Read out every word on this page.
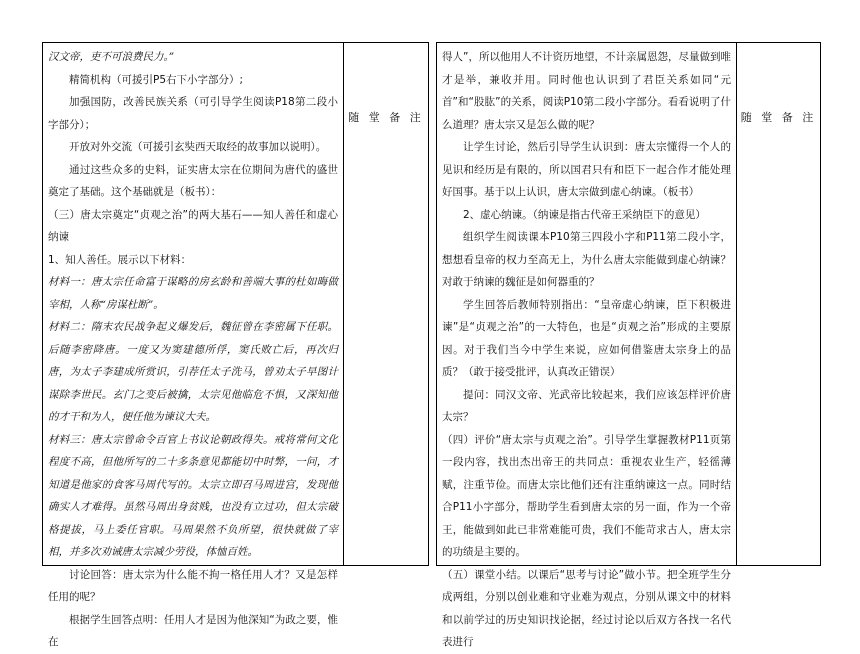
汉文帝，吏不可浪费民力。”

精简机构（可援引P5右下小字部分）;

加强国防，改善民族关系（可引导学生阅读P18第二段小字部分）；

开放对外交流（可援引玄奘西天取经的故事加以说明）。

通过这些众多的史料，证实唐太宗在位期间为唐代的盛世奠定了基础。这个基础就是（板书）：

（三）唐太宗奠定“贞观之治”的两大基石——知人善任和虚心纳谏

1、知人善任。展示以下材料：

材料一：唐太宗任命富于谋略的房玄龄和善端大事的杜如晦做宰相，人称“房谋杜断”。

材料二：隋末农民战争起义爆发后，魏征曾在李密属下任职。后随李密降唐。一度又为窦建德所俘，窦氏败亡后，再次归唐，为太子李建成所赏识，引荐任太子洗马，曾劝太子早图计谋除李世民。玄门之变后被擒，太宗见他临危不惧，又深知他的才干和为人，便任他为谏议大夫。

材料三：唐太宗曾命令百官上书议论朝政得失。戒将常何文化程度不高，但他所写的二十多条意见都能切中时弊，一问，才知道是他家的食客马周代写的。太宗立即召马周进宫，发现他确实人才难得。虽然马周出身贫贱，也没有立过功，但太宗破格提拔，马上委任官职。马周果然不负所望，很快就做了宰相，并多次劝诫唐太宗减少劳役，体恤百姓。

讨论回答：唐太宗为什么能不拘一格任用人才？又是怎样任用的呢？

根据学生回答点明：任用人才是因为他深知“为政之要，惟在

随 堂 备 注

得人”，所以他用人不计资历地望，不计亲属恩怨，尽量做到唯才是举，兼收并用。同时他也认识到了君臣关系如同“元首”和“股肱”的关系，阅读P10第二段小字部分。看看说明了什么道理？唐太宗又是怎么做的呢？

让学生讨论，然后引导学生认识到：唐太宗懂得一个人的见识和经历是有限的，所以国君只有和臣下一起合作才能处理好国事。基于以上认识，唐太宗做到虚心纳谏。（板书）

2、虚心纳谏。（纳谏是指古代帝王采纳臣下的意见）

组织学生阅读课本P10第三四段小字和P11第二段小字，想想看皇帝的权力至高无上，为什么唐太宗能做到虚心纳谏？对敢于纳谏的魏征是如何器重的？

学生回答后教师特别指出：“皇帝虚心纳谏，臣下积极进谏”是“贞观之治”的一大特色，也是“贞观之治”形成的主要原因。对于我们当今中学生来说，应如何借鉴唐太宗身上的品质？（敢于接受批评，认真改正错误）

提问：同汉文帝、光武帝比较起来，我们应该怎样评价唐太宗？

（四）评价“唐太宗与贞观之治”。引导学生掌握教材P11页第一段内容，找出杰出帝王的共同点：重视农业生产，轻徭薄赋，注重节俭。而唐太宗比他们还有注重纳谏这一点。同时结合P11小字部分，帮助学生看到唐太宗的另一面，作为一个帝王，能做到如此已非常难能可贵，我们不能苛求古人，唐太宗的功绩是主要的。

（五）课堂小结。以课后“思考与讨论”做小节。把全班学生分成两组，分别以创业难和守业难为观点，分别从课文中的材料和以前学过的历史知识找论据，经过讨论以后双方各找一名代表进行

随 堂 备 注
